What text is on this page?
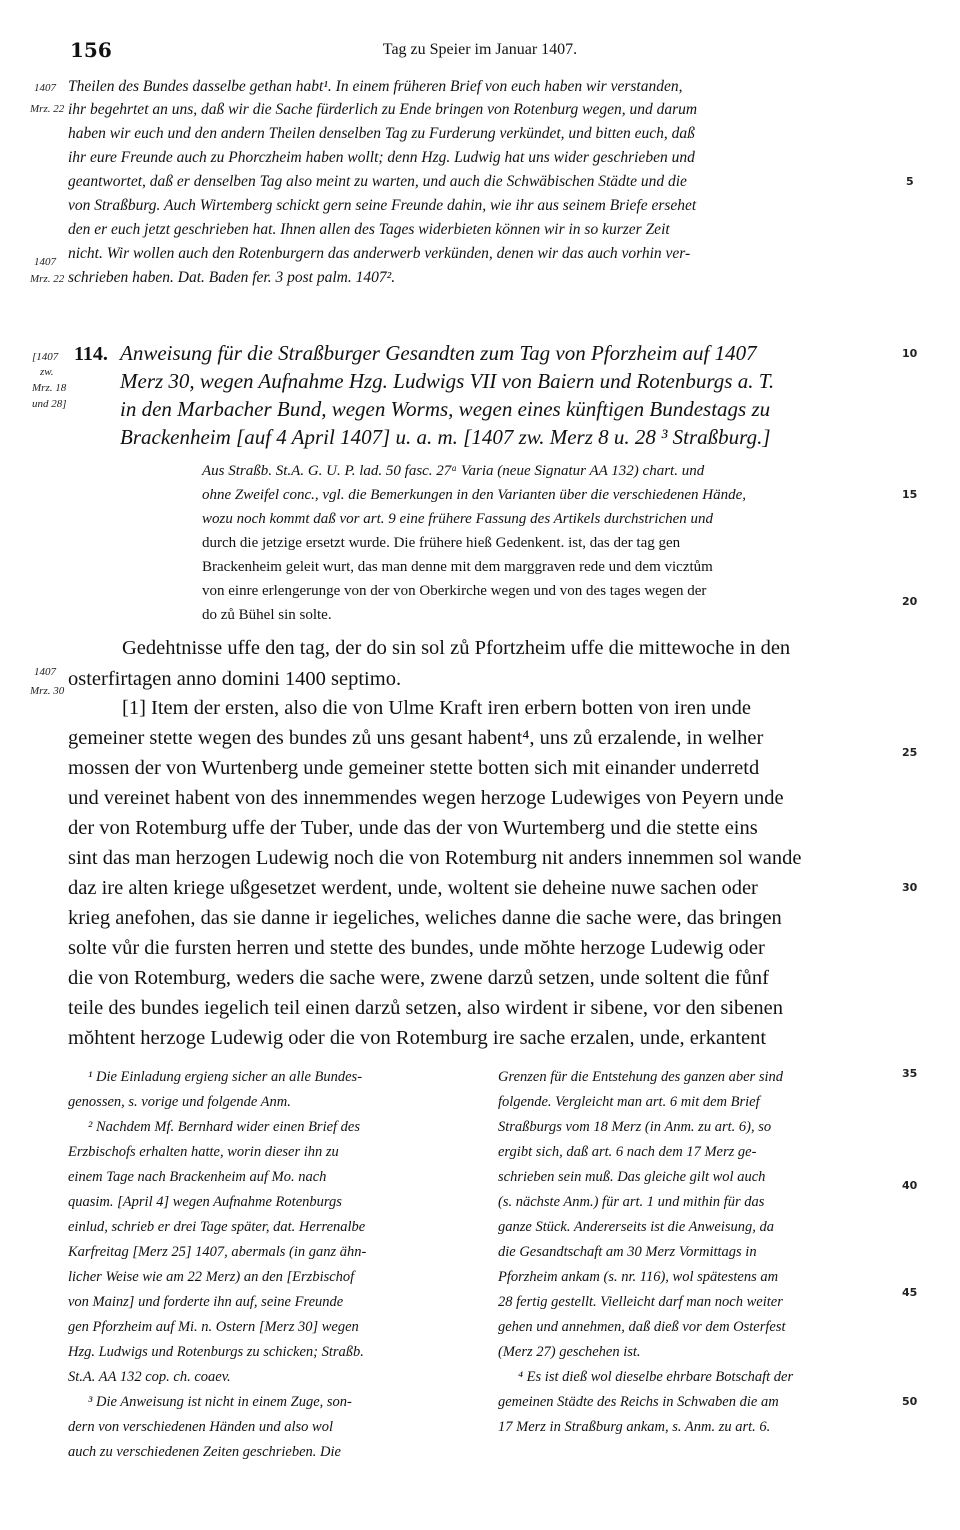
156	Tag zu Speier im Januar 1407.
1407
Mrz. 22
1407
Mrz. 22
[1407
zw.
Mrz. 18
und 28]
1407
Mrz. 30
5
10
15
20
25
30
35
40
45
50
Theilen des Bundes dasselbe gethan habt¹. In einem früheren Brief von euch haben wir verstanden,
ihr begehrtet an uns, daß wir die Sache fürderlich zu Ende bringen von Rotenburg wegen, und darum
haben wir euch und den andern Theilen denselben Tag zu Furderung verkündet, und bitten euch, daß
ihr eure Freunde auch zu Phorczheim haben wollt; denn Hzg. Ludwig hat uns wider geschrieben und
geantwortet, daß er denselben Tag also meint zu warten, und auch die Schwäbischen Städte und die
von Straßburg. Auch Wirtemberg schickt gern seine Freunde dahin, wie ihr aus seinem Briefe ersehet
den er euch jetzt geschrieben hat. Ihnen allen des Tages widerbieten können wir in so kurzer Zeit
nicht. Wir wollen auch den Rotenburgern das anderwerb verkünden, denen wir das auch vorhin ver-
schrieben haben. Dat. Baden fer. 3 post palm. 1407².
114. Anweisung für die Straßburger Gesandten zum Tag von Pforzheim auf 1407
Merz 30, wegen Aufnahme Hzg. Ludwigs VII von Baiern und Rotenburgs a. T.
in den Marbacher Bund, wegen Worms, wegen eines künftigen Bundestags zu
Brackenheim [auf 4 April 1407] u. a. m. [1407 zw. Merz 8 u. 28 ³ Straßburg.]
Aus Straßb. St.A. G. U. P. lad. 50 fasc. 27ᵃ Varia (neue Signatur AA 132) chart. und
ohne Zweifel conc., vgl. die Bemerkungen in den Varianten über die verschiedenen Hände,
wozu noch kommt daß vor art. 9 eine frühere Fassung des Artikels durchstrichen und
durch die jetzige ersetzt wurde. Die frühere hieß Gedenkent. ist, das der tag gen
Brackenheim geleit wurt, das man denne mit dem marggraven rede und dem vicztům
von einre erlengerunge von der von Oberkirche wegen und von des tages wegen der
do zů Bühel sin solte.
Gedehtnisse uffe den tag, der do sin sol zů Pfortzheim uffe die mittewoche in den
osterfirtagen anno domini 1400 septimo.
[1] Item der ersten, also die von Ulme Kraft iren erbern botten von iren unde
gemeiner stette wegen des bundes zů uns gesant habent⁴, uns zů erzalende, in welher
mossen der von Wurtenberg unde gemeiner stette botten sich mit einander underretd
und vereinet habent von des innemmendes wegen herzoge Ludewiges von Peyern unde
der von Rotemburg uffe der Tuber, unde das der von Wurtemberg und die stette eins
sint das man herzogen Ludewig noch die von Rotemburg nit anders innemmen sol wande
daz ire alten kriege ußgesetzet werdent, unde, woltent sie deheine nuwe sachen oder
krieg anefohen, das sie danne ir iegeliches, weliches danne die sache were, das bringen
solte vůr die fursten herren und stette des bundes, unde mŏhte herzoge Ludewig oder
die von Rotemburg, weders die sache were, zwene darzů setzen, unde soltent die fůnf
teile des bundes iegelich teil einen darzů setzen, also wirdent ir sibene, vor den sibenen
mŏhtent herzoge Ludewig oder die von Rotemburg ire sache erzalen, unde, erkantent
¹ Die Einladung ergieng sicher an alle Bundes-
genossen, s. vorige und folgende Anm.
² Nachdem Mf. Bernhard wider einen Brief des
Erzbischofs erhalten hatte, worin dieser ihn zu
einem Tage nach Brackenheim auf Mo. nach
quasim. [April 4] wegen Aufnahme Rotenburgs
einlud, schrieb er drei Tage später, dat. Herrenalbe
Karfreitag [Merz 25] 1407, abermals (in ganz ähn-
licher Weise wie am 22 Merz) an den [Erzbischof
von Mainz] und forderte ihn auf, seine Freunde
gen Pforzheim auf Mi. n. Ostern [Merz 30] wegen
Hzg. Ludwigs und Rotenburgs zu schicken; Straßb.
St.A. AA 132 cop. ch. coaev.
³ Die Anweisung ist nicht in einem Zuge, son-
dern von verschiedenen Händen und also wol
auch zu verschiedenen Zeiten geschrieben. Die
Grenzen für die Entstehung des ganzen aber sind
folgende. Vergleicht man art. 6 mit dem Brief
Straßburgs vom 18 Merz (in Anm. zu art. 6), so
ergibt sich, daß art. 6 nach dem 17 Merz ge-
schrieben sein muß. Das gleiche gilt wol auch
(s. nächste Anm.) für art. 1 und mithin für das
ganze Stück. Andererseits ist die Anweisung, da
die Gesandtschaft am 30 Merz Vormittags in
Pforzheim ankam (s. nr. 116), wol spätestens am
28 fertig gestellt. Vielleicht darf man noch weiter
gehen und annehmen, daß dieß vor dem Osterfest
(Merz 27) geschehen ist.
⁴ Es ist dieß wol dieselbe ehrbare Botschaft der
gemeinen Städte des Reichs in Schwaben die am
17 Merz in Straßburg ankam, s. Anm. zu art. 6.
